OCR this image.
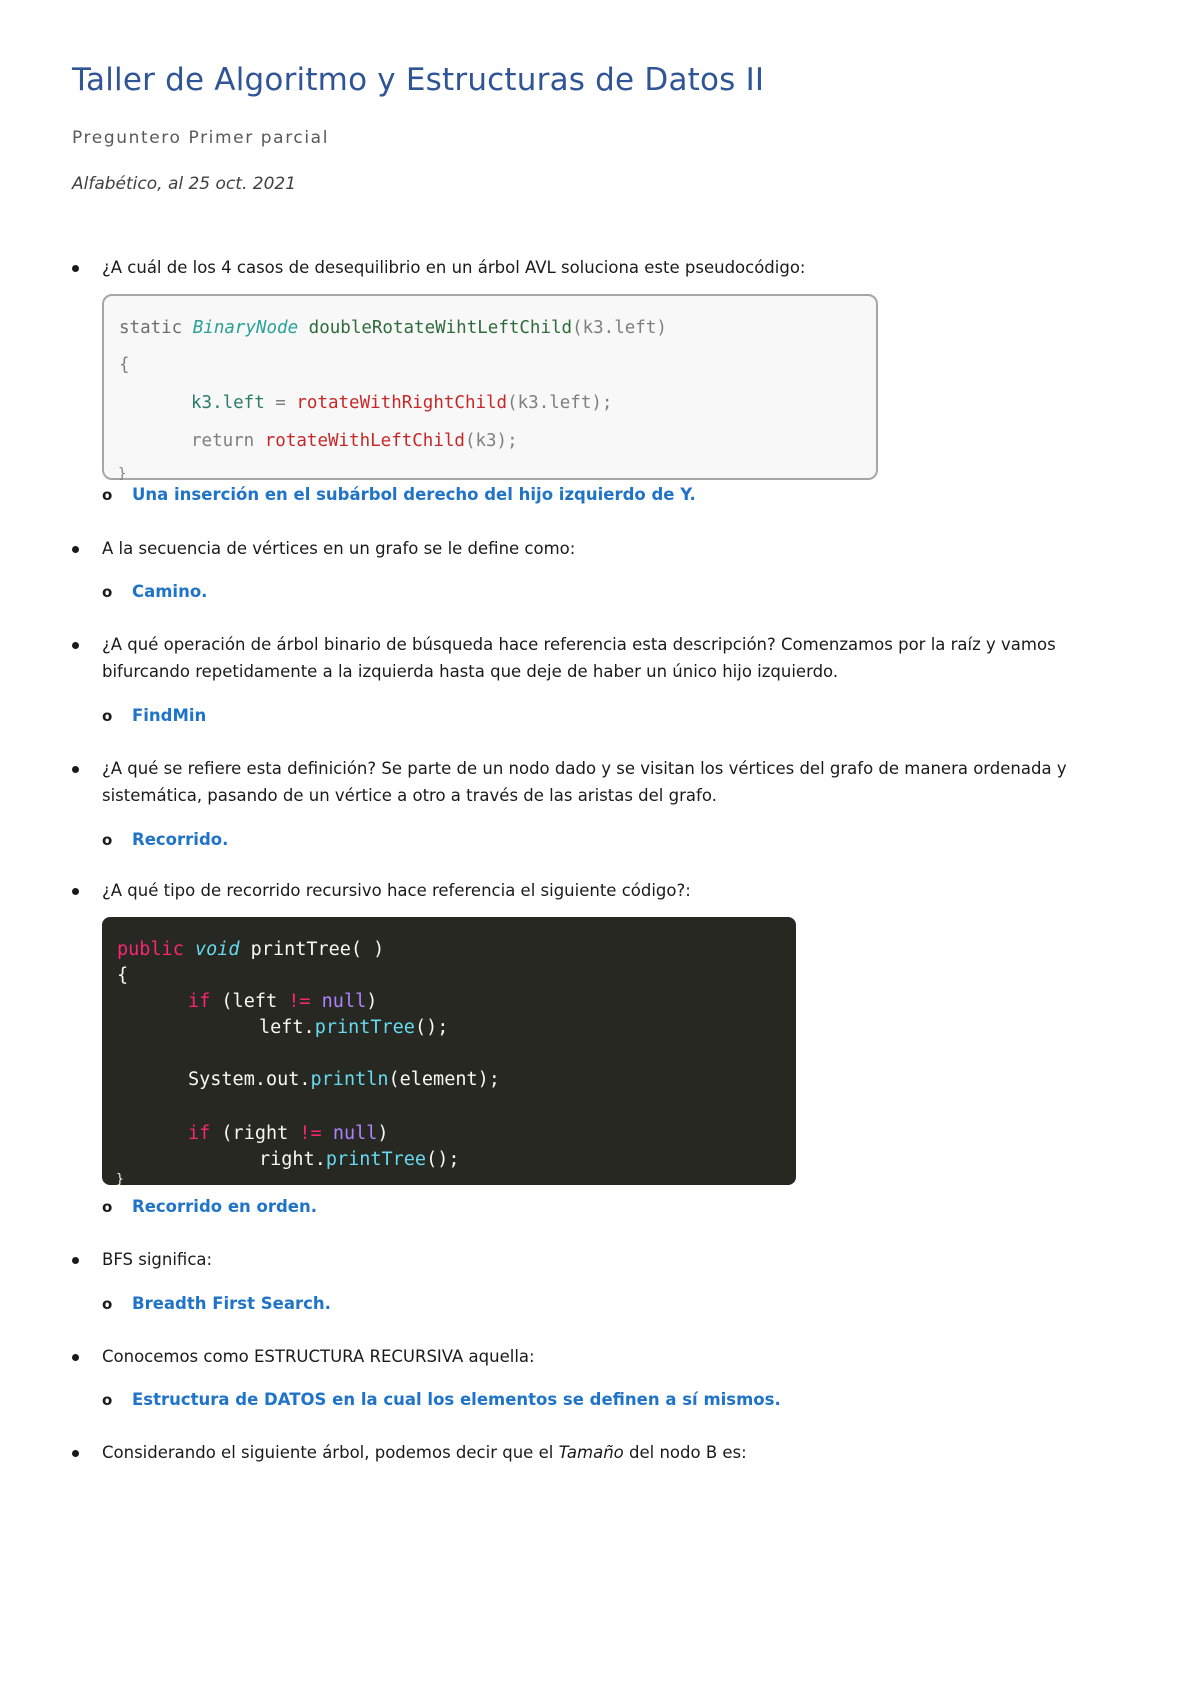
Taller de Algoritmo y Estructuras de Datos II
Preguntero Primer parcial
Alfabético, al 25 oct. 2021
¿A cuál de los 4 casos de desequilibrio en un árbol AVL soluciona este pseudocódigo:
static BinaryNode doubleRotateWihtLeftChild(k3.left)
{
k3.left = rotateWithRightChild(k3.left);
return rotateWithLeftChild(k3);
}
o Una inserción en el subárbol derecho del hijo izquierdo de Y.
A la secuencia de vértices en un grafo se le define como:
o Camino.
¿A qué operación de árbol binario de búsqueda hace referencia esta descripción? Comenzamos por la raíz y vamos bifurcando repetidamente a la izquierda hasta que deje de haber un único hijo izquierdo.
o FindMin
¿A qué se refiere esta definición? Se parte de un nodo dado y se visitan los vértices del grafo de manera ordenada y sistemática, pasando de un vértice a otro a través de las aristas del grafo.
o Recorrido.
¿A qué tipo de recorrido recursivo hace referencia el siguiente código?:
public void printTree( )
{
if (left != null)
left.printTree();
System.out.println(element);
if (right != null)
right.printTree();
}
o Recorrido en orden.
BFS significa:
o Breadth First Search.
Conocemos como ESTRUCTURA RECURSIVA aquella:
o Estructura de DATOS en la cual los elementos se definen a sí mismos.
Considerando el siguiente árbol, podemos decir que el Tamaño del nodo B es:
